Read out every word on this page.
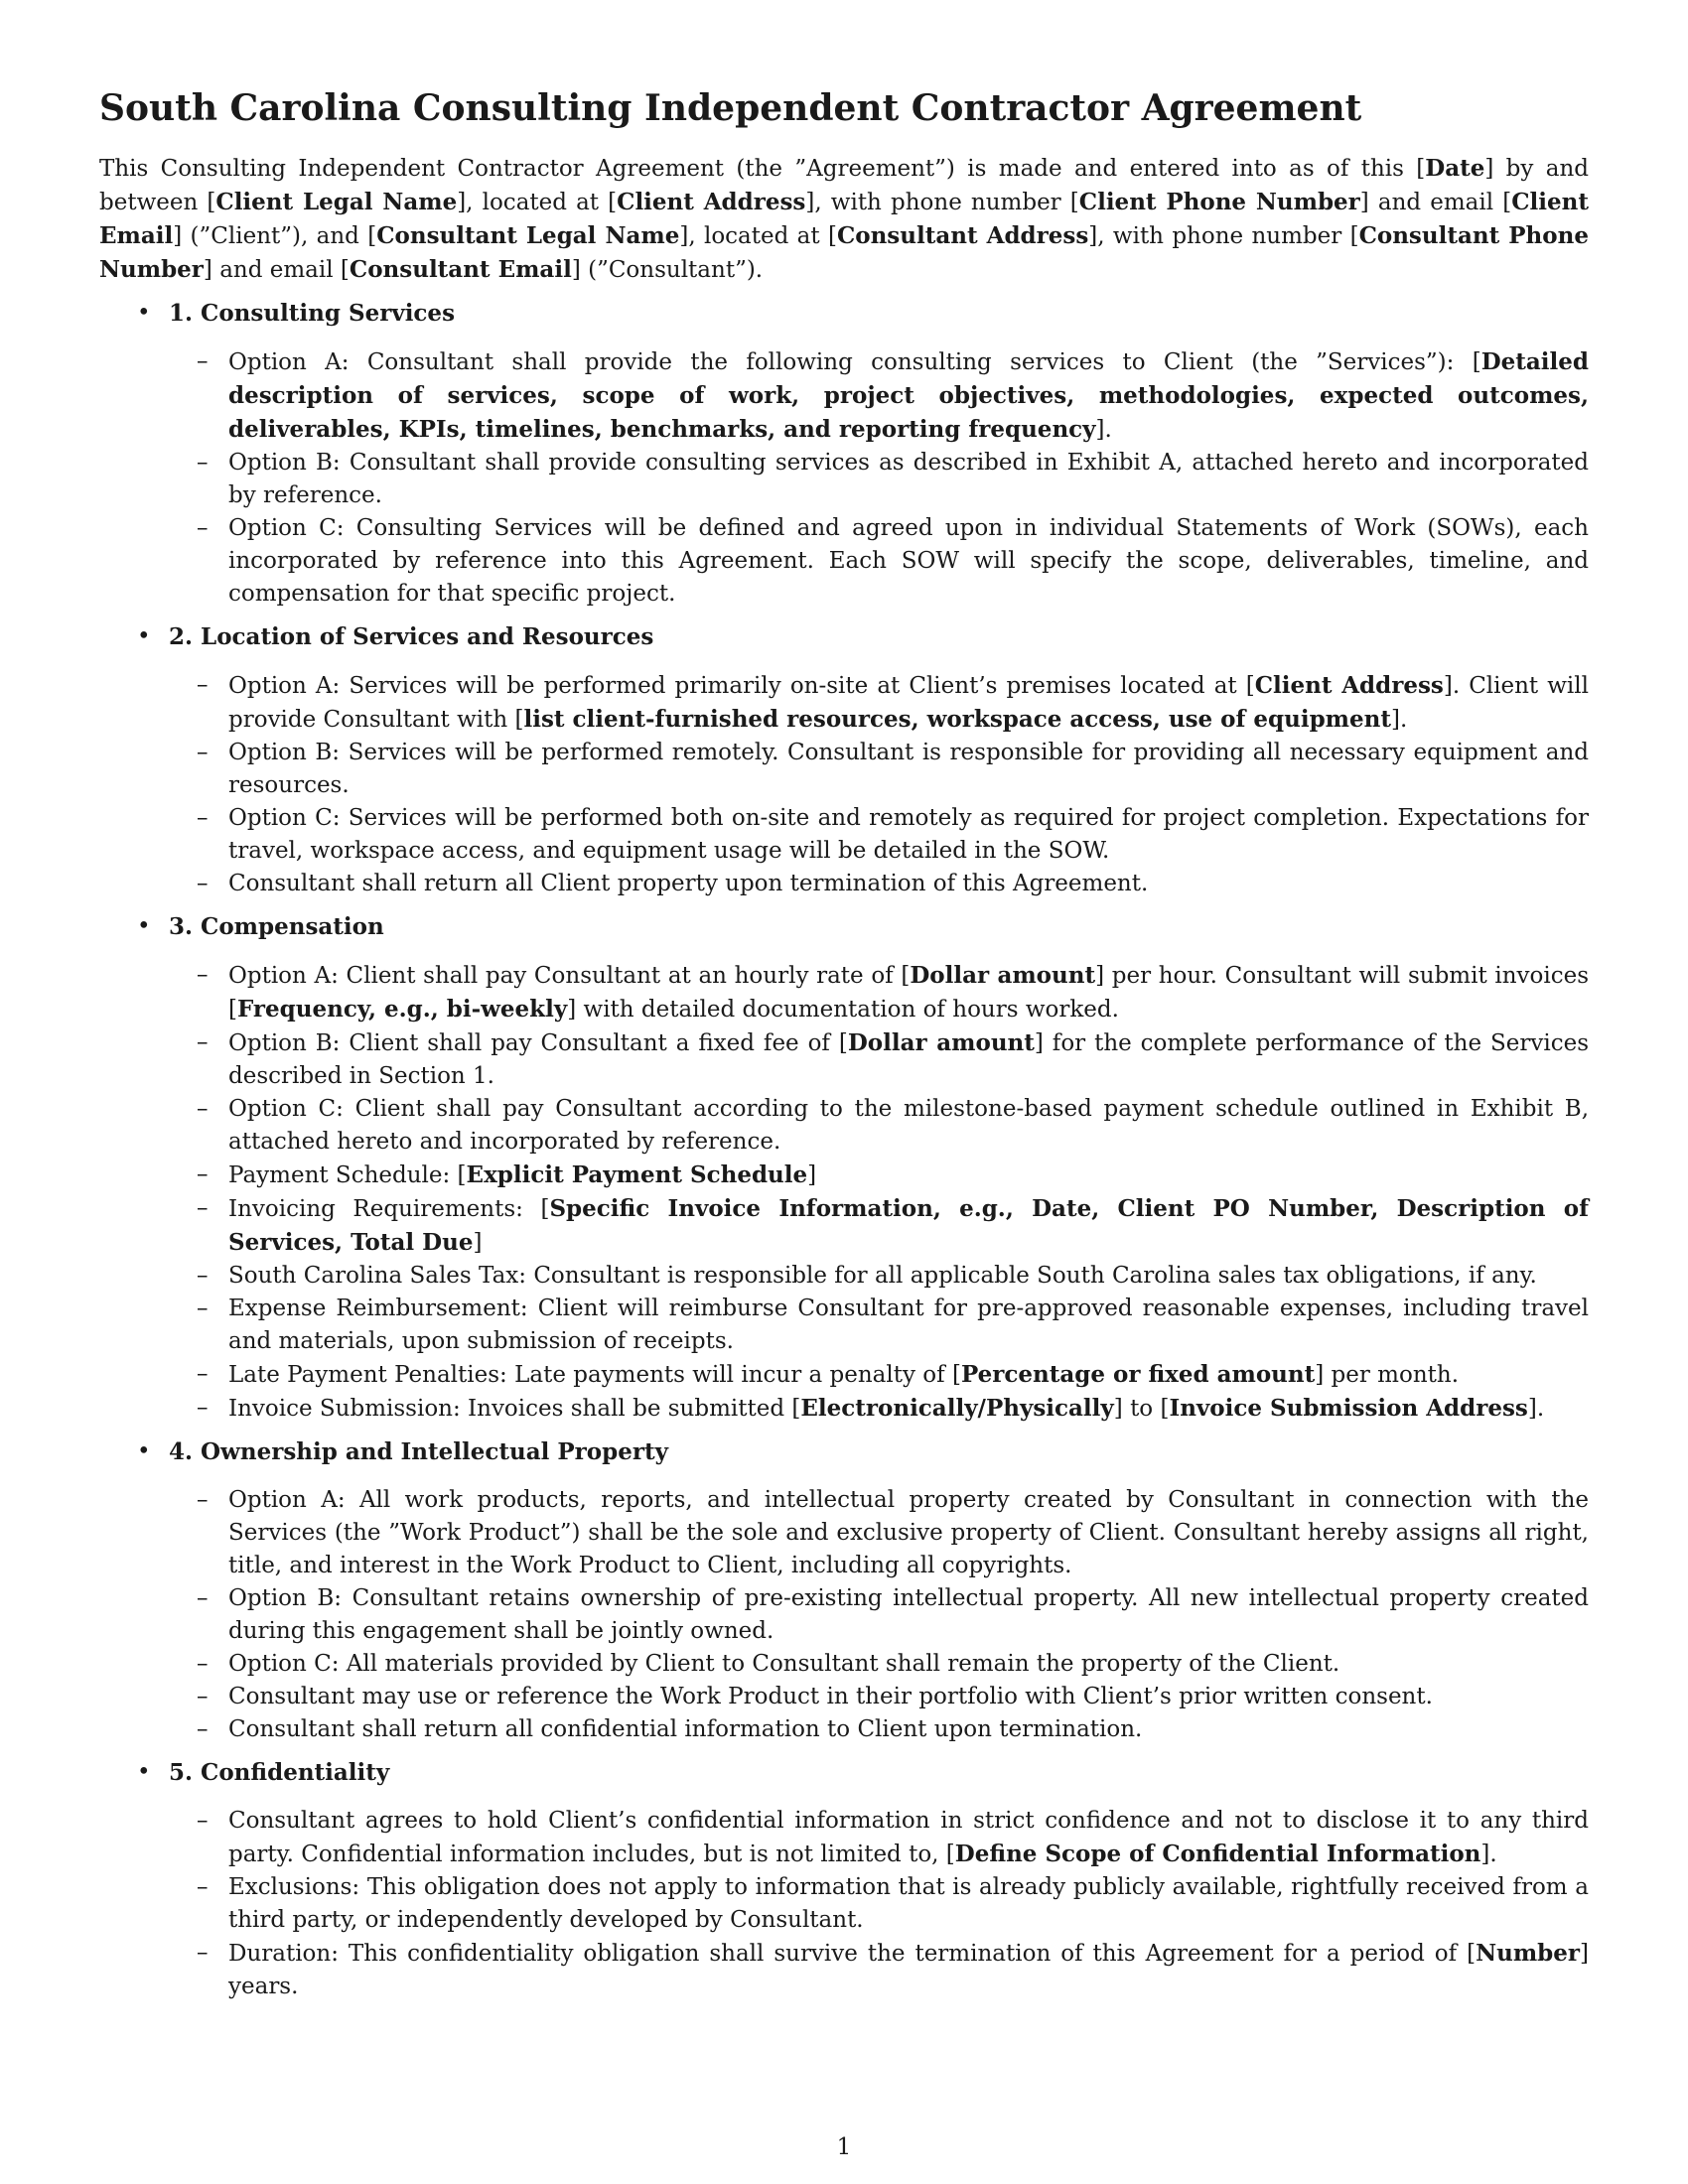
South Carolina Consulting Independent Contractor Agreement

This Consulting Independent Contractor Agreement (the ”Agreement”) is made and entered into as of this [Date] by and between [Client Legal Name], located at [Client Address], with phone number [Client Phone Number] and email [Client Email] (”Client”), and [Consultant Legal Name], located at [Consultant Address], with phone number [Consultant Phone Number] and email [Consultant Email] (”Consultant”).

• 1. Consulting Services
– Option A: Consultant shall provide the following consulting services to Client (the ”Services”): [Detailed description of services, scope of work, project objectives, methodologies, expected outcomes, deliverables, KPIs, timelines, benchmarks, and reporting frequency].
– Option B: Consultant shall provide consulting services as described in Exhibit A, attached hereto and incorporated by reference.
– Option C: Consulting Services will be defined and agreed upon in individual Statements of Work (SOWs), each incorporated by reference into this Agreement. Each SOW will specify the scope, deliverables, timeline, and compensation for that specific project.
• 2. Location of Services and Resources
– Option A: Services will be performed primarily on-site at Client’s premises located at [Client Address]. Client will provide Consultant with [list client-furnished resources, workspace access, use of equipment].
– Option B: Services will be performed remotely. Consultant is responsible for providing all necessary equipment and resources.
– Option C: Services will be performed both on-site and remotely as required for project completion. Expectations for travel, workspace access, and equipment usage will be detailed in the SOW.
– Consultant shall return all Client property upon termination of this Agreement.
• 3. Compensation
– Option A: Client shall pay Consultant at an hourly rate of [Dollar amount] per hour. Consultant will submit invoices [Frequency, e.g., bi-weekly] with detailed documentation of hours worked.
– Option B: Client shall pay Consultant a fixed fee of [Dollar amount] for the complete performance of the Services described in Section 1.
– Option C: Client shall pay Consultant according to the milestone-based payment schedule outlined in Exhibit B, attached hereto and incorporated by reference.
– Payment Schedule: [Explicit Payment Schedule]
– Invoicing Requirements: [Specific Invoice Information, e.g., Date, Client PO Number, Description of Services, Total Due]
– South Carolina Sales Tax: Consultant is responsible for all applicable South Carolina sales tax obligations, if any.
– Expense Reimbursement: Client will reimburse Consultant for pre-approved reasonable expenses, including travel and materials, upon submission of receipts.
– Late Payment Penalties: Late payments will incur a penalty of [Percentage or fixed amount] per month.
– Invoice Submission: Invoices shall be submitted [Electronically/Physically] to [Invoice Submission Address].
• 4. Ownership and Intellectual Property
– Option A: All work products, reports, and intellectual property created by Consultant in connection with the Services (the ”Work Product”) shall be the sole and exclusive property of Client. Consultant hereby assigns all right, title, and interest in the Work Product to Client, including all copyrights.
– Option B: Consultant retains ownership of pre-existing intellectual property. All new intellectual property created during this engagement shall be jointly owned.
– Option C: All materials provided by Client to Consultant shall remain the property of the Client.
– Consultant may use or reference the Work Product in their portfolio with Client’s prior written consent.
– Consultant shall return all confidential information to Client upon termination.
• 5. Confidentiality
– Consultant agrees to hold Client’s confidential information in strict confidence and not to disclose it to any third party. Confidential information includes, but is not limited to, [Define Scope of Confidential Information].
– Exclusions: This obligation does not apply to information that is already publicly available, rightfully received from a third party, or independently developed by Consultant.
– Duration: This confidentiality obligation shall survive the termination of this Agreement for a period of [Number] years.
1
